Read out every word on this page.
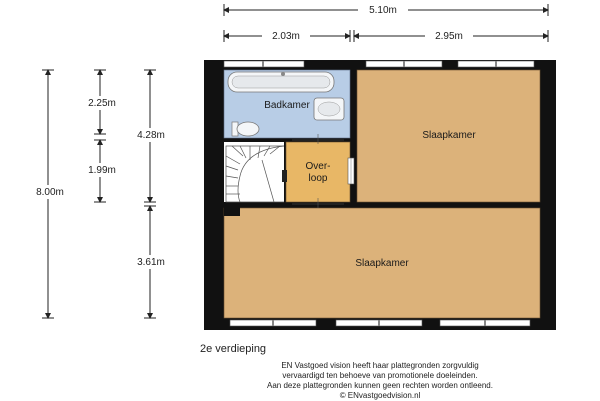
5.10m
2.03m	2.95m
8.00m
2.25m
1.99m
4.28m
3.61m
Badkamer
Slaapkamer
Slaapkamer
Over-
loop
2e verdieping
EN Vastgoed vision heeft haar plattegronden zorgvuldig
vervaardigd ten behoeve van promotionele doeleinden.
Aan deze plattegronden kunnen geen rechten worden ontleend.
© ENvastgoedvision.nl
